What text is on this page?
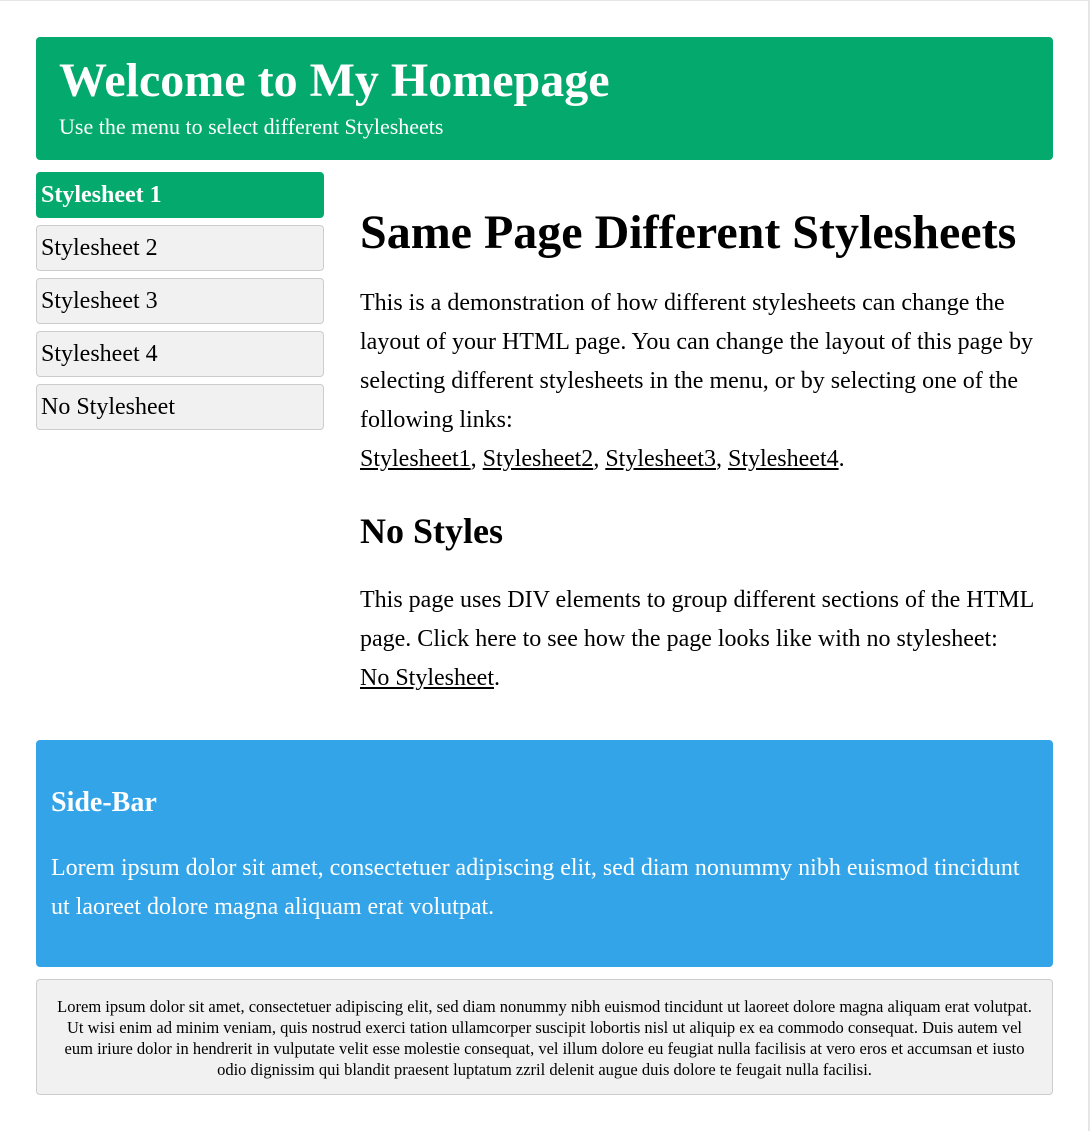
Welcome to My Homepage

Use the menu to select different Stylesheets

Stylesheet 1
Stylesheet 2
Stylesheet 3
Stylesheet 4
No Stylesheet
Same Page Different Stylesheets

This is a demonstration of how different stylesheets can change the layout of your HTML page. You can change the layout of this page by selecting different stylesheets in the menu, or by selecting one of the following links:
Stylesheet1, Stylesheet2, Stylesheet3, Stylesheet4.

No Styles

This page uses DIV elements to group different sections of the HTML page. Click here to see how the page looks like with no stylesheet:
No Stylesheet.

Side-Bar

Lorem ipsum dolor sit amet, consectetuer adipiscing elit, sed diam nonummy nibh euismod tincidunt ut laoreet dolore magna aliquam erat volutpat.

Lorem ipsum dolor sit amet, consectetuer adipiscing elit, sed diam nonummy nibh euismod tincidunt ut laoreet dolore magna aliquam erat volutpat. Ut wisi enim ad minim veniam, quis nostrud exerci tation ullamcorper suscipit lobortis nisl ut aliquip ex ea commodo consequat. Duis autem vel eum iriure dolor in hendrerit in vulputate velit esse molestie consequat, vel illum dolore eu feugiat nulla facilisis at vero eros et accumsan et iusto odio dignissim qui blandit praesent luptatum zzril delenit augue duis dolore te feugait nulla facilisi.
